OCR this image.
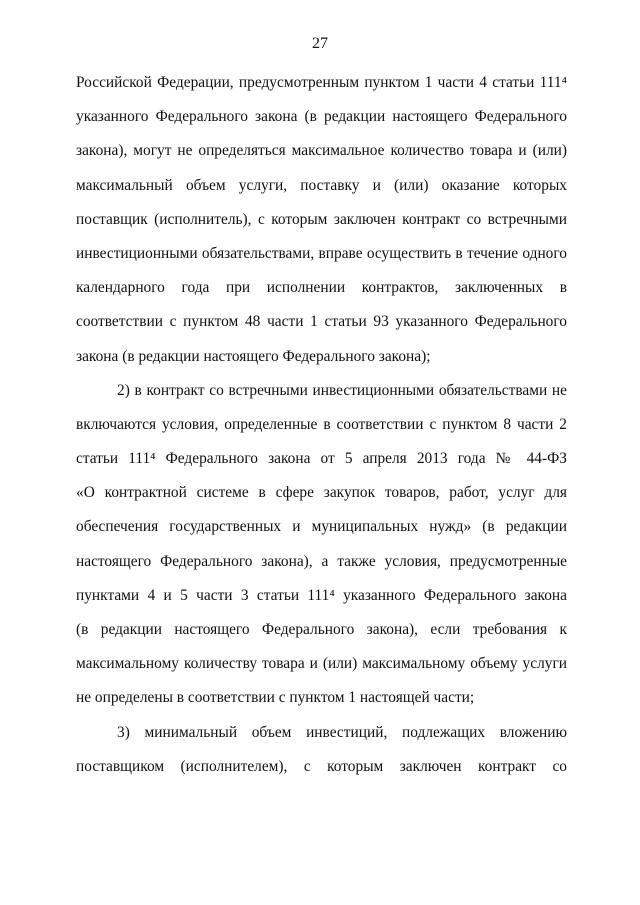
27
Российской Федерации, предусмотренным пунктом 1 части 4 статьи 111⁴
указанного Федерального закона (в редакции настоящего Федерального
закона), могут не определяться максимальное количество товара и (или)
максимальный объем услуги, поставку и (или) оказание которых
поставщик (исполнитель), с которым заключен контракт со встречными
инвестиционными обязательствами, вправе осуществить в течение одного
календарного года при исполнении контрактов, заключенных в
соответствии с пунктом 48 части 1 статьи 93 указанного Федерального
закона (в редакции настоящего Федерального закона);
2) в контракт со встречными инвестиционными обязательствами не
включаются условия, определенные в соответствии с пунктом 8 части 2
статьи 111⁴ Федерального закона от 5 апреля 2013 года № 44-ФЗ
«О контрактной системе в сфере закупок товаров, работ, услуг для
обеспечения государственных и муниципальных нужд» (в редакции
настоящего Федерального закона), а также условия, предусмотренные
пунктами 4 и 5 части 3 статьи 111⁴ указанного Федерального закона
(в редакции настоящего Федерального закона), если требования к
максимальному количеству товара и (или) максимальному объему услуги
не определены в соответствии с пунктом 1 настоящей части;
3) минимальный объем инвестиций, подлежащих вложению
поставщиком (исполнителем), с которым заключен контракт со
